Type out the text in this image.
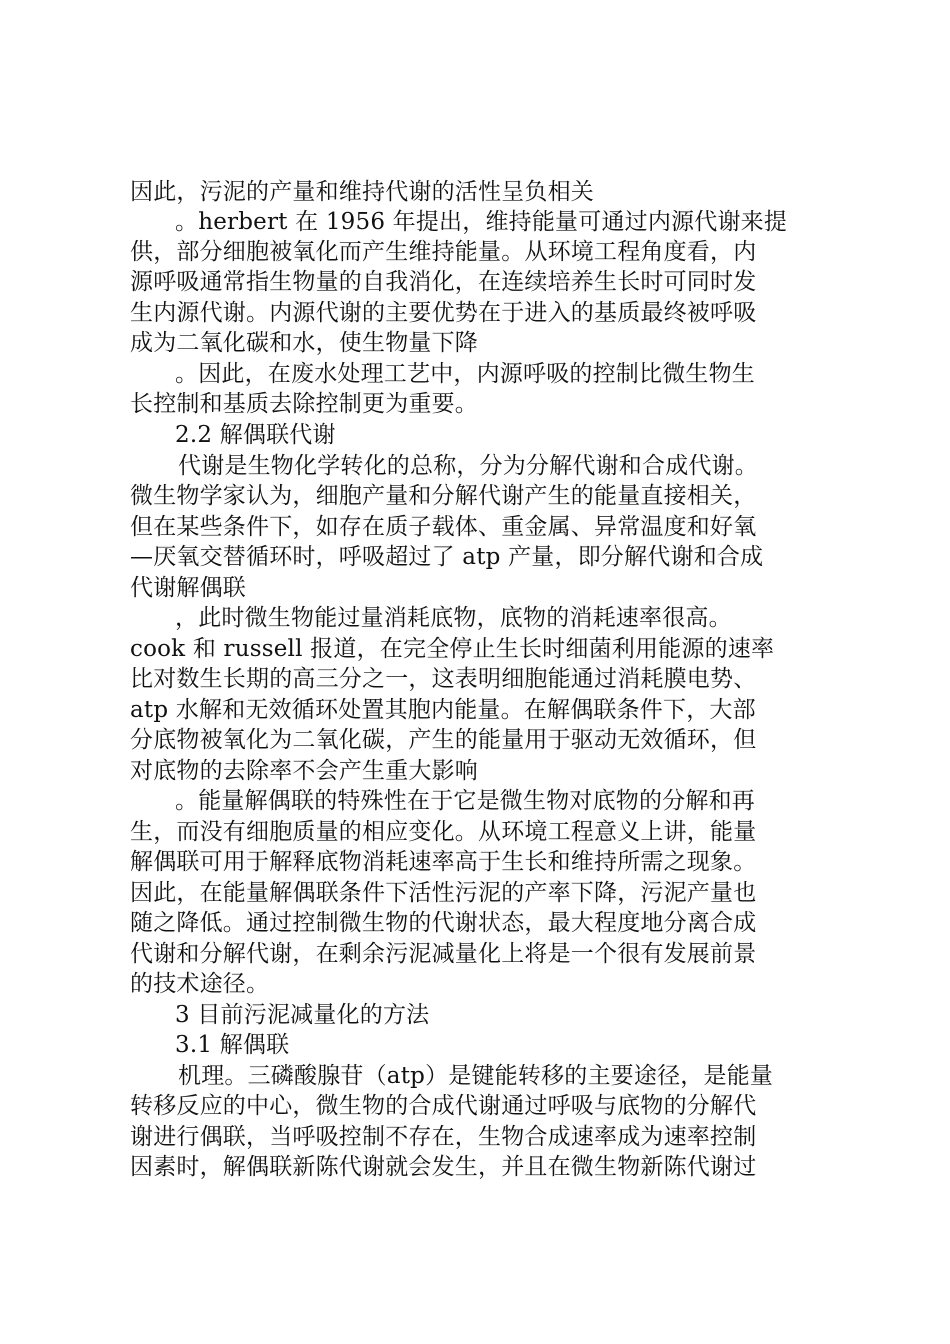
因此，污泥的产量和维持代谢的活性呈负相关
。herbert 在 1956 年提出，维持能量可通过内源代谢来提
供，部分细胞被氧化而产生维持能量。从环境工程角度看，内
源呼吸通常指生物量的自我消化，在连续培养生长时可同时发
生内源代谢。内源代谢的主要优势在于进入的基质最终被呼吸
成为二氧化碳和水，使生物量下降
。因此，在废水处理工艺中，内源呼吸的控制比微生物生
长控制和基质去除控制更为重要。
2.2 解偶联代谢
代谢是生物化学转化的总称，分为分解代谢和合成代谢。
微生物学家认为，细胞产量和分解代谢产生的能量直接相关，
但在某些条件下，如存在质子载体、重金属、异常温度和好氧
—厌氧交替循环时，呼吸超过了 atp 产量，即分解代谢和合成
代谢解偶联
，此时微生物能过量消耗底物，底物的消耗速率很高。
cook 和 russell 报道，在完全停止生长时细菌利用能源的速率
比对数生长期的高三分之一，这表明细胞能通过消耗膜电势、
atp 水解和无效循环处置其胞内能量。在解偶联条件下，大部
分底物被氧化为二氧化碳，产生的能量用于驱动无效循环，但
对底物的去除率不会产生重大影响
。能量解偶联的特殊性在于它是微生物对底物的分解和再
生，而没有细胞质量的相应变化。从环境工程意义上讲，能量
解偶联可用于解释底物消耗速率高于生长和维持所需之现象。
因此，在能量解偶联条件下活性污泥的产率下降，污泥产量也
随之降低。通过控制微生物的代谢状态，最大程度地分离合成
代谢和分解代谢，在剩余污泥减量化上将是一个很有发展前景
的技术途径。
3 目前污泥减量化的方法
3.1 解偶联
机理。三磷酸腺苷（atp）是键能转移的主要途径，是能量
转移反应的中心，微生物的合成代谢通过呼吸与底物的分解代
谢进行偶联，当呼吸控制不存在，生物合成速率成为速率控制
因素时，解偶联新陈代谢就会发生，并且在微生物新陈代谢过
